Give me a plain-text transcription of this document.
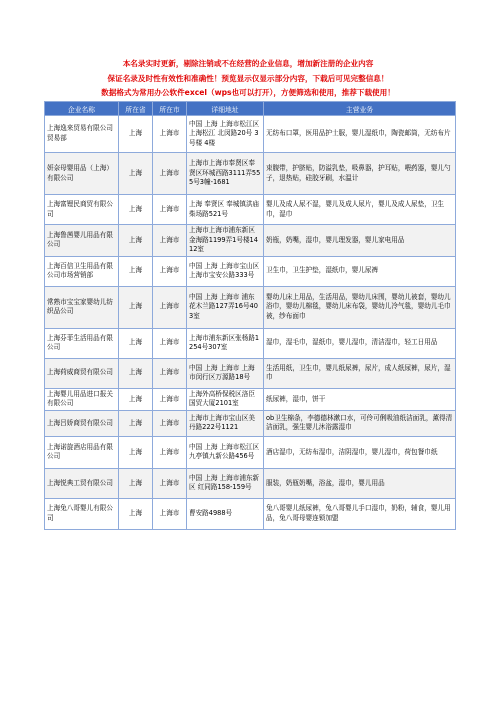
本名录实时更新，剔除注销或不在经营的企业信息，增加新注册的企业内容
保证名录及时性有效性和准确性！预览显示仅显示部分内容，下载后可见完整信息！
数据格式为常用办公软件excel（wps也可以打开），方便筛选和使用，推荐下载使用！
企业名称	所在省	所在市	详细地址	主营业务
上海逸来贸易有限公司贸易部	上海	上海市	中国 上海 上海市松江区 上海松江 北闵路20号 3号楼 4楼	无纺布口罩，医用品护士服，婴儿湿纸巾，陶瓷邮筒，无纺布片
妍奈母婴用品（上海）有限公司	上海	上海市	上海市上海市奉贤区奉贤区环城西路3111弄555号3幢-1681	束腹带，护脐贴，防溢乳垫，吸鼻器，护耳贴，喂药器，婴儿勺子，退热贴，硅胶牙刷，水温计
上海富锂民商贸有限公司	上海	上海市	上海 奉贤区 奉城镇洪庙柴场路521号	婴儿及成人尿不湿，婴儿及成人尿片，婴儿及成人尿垫，卫生巾，湿巾
上海鲁茜婴儿用品有限公司	上海	上海市	上海市上海市浦东新区 金海路1199弄1号楼1412室	奶瓶，奶嘴，湿巾，婴儿理发器，婴儿家电用品
上海百信卫生用品有限公司市场营销部	上海	上海市	中国 上海 上海市宝山区 上海市宝安公路333号	卫生巾，卫生护垫，湿纸巾，婴儿尿裤
常熟市宝宝家婴幼儿纺织品公司	上海	上海市	中国 上海 上海市 浦东花木兰路127弄16号403室	婴幼儿床上用品，生活用品，婴幼儿床围，婴幼儿被套，婴幼儿浴巾，婴幼儿棉毯，婴幼儿床布袋，婴幼儿冷气毯，婴幼儿毛巾被，纱布面巾
上海芬菲生活用品有限公司	上海	上海市	上海市浦东新区张杨路1254号307室	湿巾，湿毛巾，湿纸巾，婴儿湿巾，清洁湿巾，轻工日用品
上海荷威商贸有限公司	上海	上海市	中国 上海 上海市 上海市闵行区万源路18号	生活用纸，卫生巾，婴儿纸尿裤，尿片，成人纸尿裤，尿片，湿巾
上海婴儿用品进口报关有限公司	上海	上海市	上海外高桥保税区洛臣国贸大厦2101室	纸尿裤，湿巾，饼干
上海吕娇商贸有限公司	上海	上海市	上海市上海市宝山区美丹路222号1121	ob卫生棉条，李德德林漱口水，可伶可俐吸油纸洁面乳，薰得清洁面乳，强生婴儿沐浴露湿巾
上海诺旋酒店用品有限公司	上海	上海市	中国 上海 上海市松江区 九亭镇九新公路456号	酒店湿巾，无纺布湿巾，洁阴湿巾，婴儿湿巾，荷包餐巾纸
上海悦典工贸有限公司	上海	上海市	中国 上海 上海市浦东新区 红同路158-159号	服装，奶瓶奶嘴，浴盆，湿巾，婴儿用品
上海兔八哥婴儿有限公司	上海	上海市	曹安路4988号	兔八哥婴儿纸尿裤，兔八哥婴儿手口湿巾，奶粉，辅食，婴儿用品，兔八哥母婴连锁加盟
